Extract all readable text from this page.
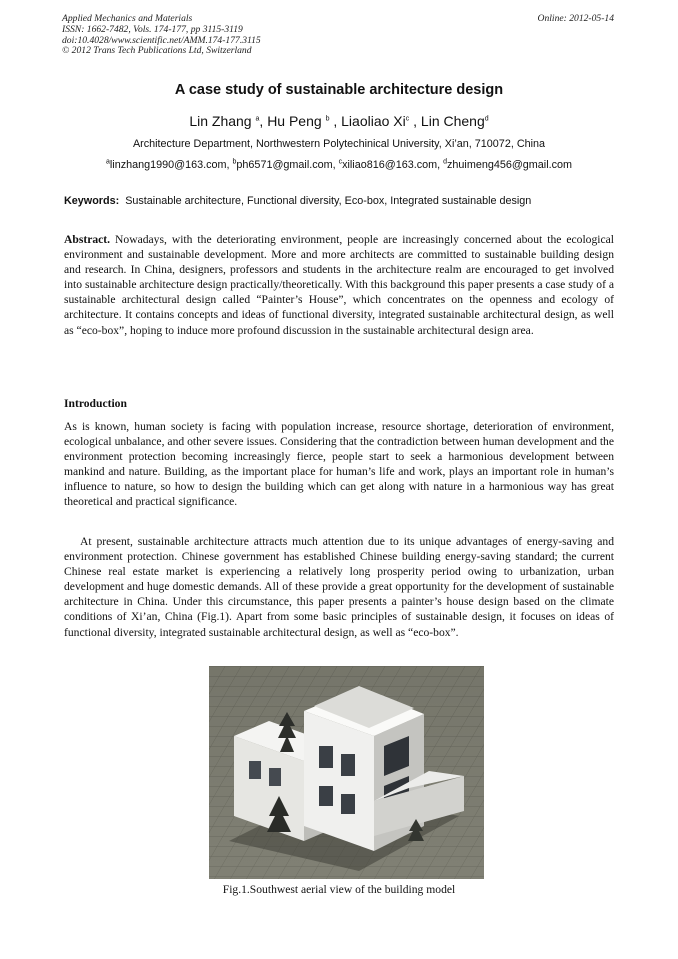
Applied Mechanics and Materials
ISSN: 1662-7482, Vols. 174-177, pp 3115-3119
doi:10.4028/www.scientific.net/AMM.174-177.3115
© 2012 Trans Tech Publications Ltd, Switzerland
Online: 2012-05-14
A case study of sustainable architecture design
Lin Zhang $^a$, Hu Peng $^b$ , Liaoliao Xi$^c$ , Lin Cheng$^d$
Architecture Department, Northwestern Polytechinical University, Xi’an, 710072, China
$^a$linzhang1990@163.com, $^b$ph6571@gmail.com, $^c$xiliao816@163.com, $^d$zhuimeng456@gmail.com
Keywords: Sustainable architecture, Functional diversity, Eco-box, Integrated sustainable design
Abstract. Nowadays, with the deteriorating environment, people are increasingly concerned about the ecological environment and sustainable development. More and more architects are committed to sustainable building design and research. In China, designers, professors and students in the architecture realm are encouraged to get involved into sustainable architecture design practically/theoretically. With this background this paper presents a case study of a sustainable architectural design called “Painter’s House”, which concentrates on the openness and ecology of architecture. It contains concepts and ideas of functional diversity, integrated sustainable architectural design, as well as “eco-box”, hoping to induce more profound discussion in the sustainable architectural design area.
Introduction
As is known, human society is facing with population increase, resource shortage, deterioration of environment, ecological unbalance, and other severe issues. Considering that the contradiction between human development and the environment protection becoming increasingly fierce, people start to seek a harmonious development between mankind and nature. Building, as the important place for human’s life and work, plays an important role in human’s influence to nature, so how to design the building which can get along with nature in a harmonious way has great theoretical and practical significance.
At present, sustainable architecture attracts much attention due to its unique advantages of energy-saving and environment protection. Chinese government has established Chinese building energy-saving standard; the current Chinese real estate market is experiencing a relatively long prosperity period owing to urbanization, urban development and huge domestic demands. All of these provide a great opportunity for the development of sustainable architecture in China. Under this circumstance, this paper presents a painter’s house design based on the climate conditions of Xi’an, China (Fig.1). Apart from some basic principles of sustainable design, it focuses on ideas of functional diversity, integrated sustainable architectural design, as well as “eco-box”.
Fig.1.Southwest aerial view of the building model
